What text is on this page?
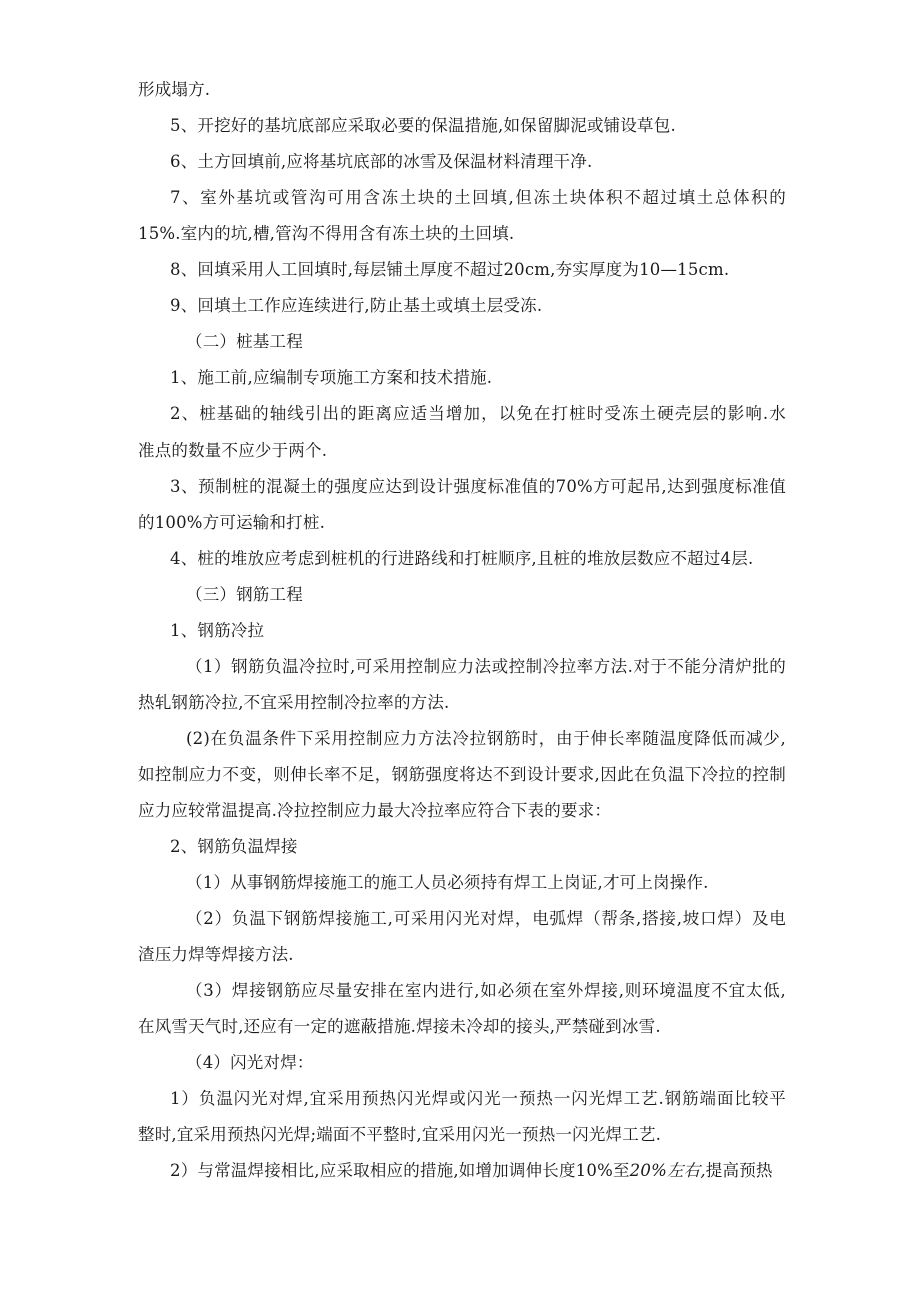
形成塌方.
5、开挖好的基坑底部应采取必要的保温措施,如保留脚泥或铺设草包.
6、土方回填前,应将基坑底部的冰雪及保温材料清理干净.
7、室外基坑或管沟可用含冻土块的土回填,但冻土块体积不超过填土总体积的
15%.室内的坑,槽,管沟不得用含有冻土块的土回填.
8、回填采用人工回填时,每层铺土厚度不超过20cm,夯实厚度为10—15cm.
9、回填土工作应连续进行,防止基土或填土层受冻.
（二）桩基工程
1、施工前,应编制专项施工方案和技术措施.
2、桩基础的轴线引出的距离应适当增加，以免在打桩时受冻土硬壳层的影响.水
准点的数量不应少于两个.
3、预制桩的混凝土的强度应达到设计强度标准值的70%方可起吊,达到强度标准值
的100%方可运输和打桩.
4、桩的堆放应考虑到桩机的行进路线和打桩顺序,且桩的堆放层数应不超过4层.
（三）钢筋工程
1、钢筋冷拉
（1）钢筋负温冷拉时,可采用控制应力法或控制冷拉率方法.对于不能分清炉批的
热轧钢筋冷拉,不宜采用控制冷拉率的方法.
(2)在负温条件下采用控制应力方法冷拉钢筋时，由于伸长率随温度降低而减少,
如控制应力不变，则伸长率不足，钢筋强度将达不到设计要求,因此在负温下冷拉的控制
应力应较常温提高.冷拉控制应力最大冷拉率应符合下表的要求：
2、钢筋负温焊接
（1）从事钢筋焊接施工的施工人员必须持有焊工上岗证,才可上岗操作.
（2）负温下钢筋焊接施工,可采用闪光对焊，电弧焊（帮条,搭接,坡口焊）及电
渣压力焊等焊接方法.
（3）焊接钢筋应尽量安排在室内进行,如必须在室外焊接,则环境温度不宜太低,
在风雪天气时,还应有一定的遮蔽措施.焊接未冷却的接头,严禁碰到冰雪.
（4）闪光对焊：
1）负温闪光对焊,宜采用预热闪光焊或闪光一预热一闪光焊工艺.钢筋端面比较平
整时,宜采用预热闪光焊;端面不平整时,宜采用闪光一预热一闪光焊工艺.
2）与常温焊接相比,应采取相应的措施,如增加调伸长度10%至20%左右,提高预热
